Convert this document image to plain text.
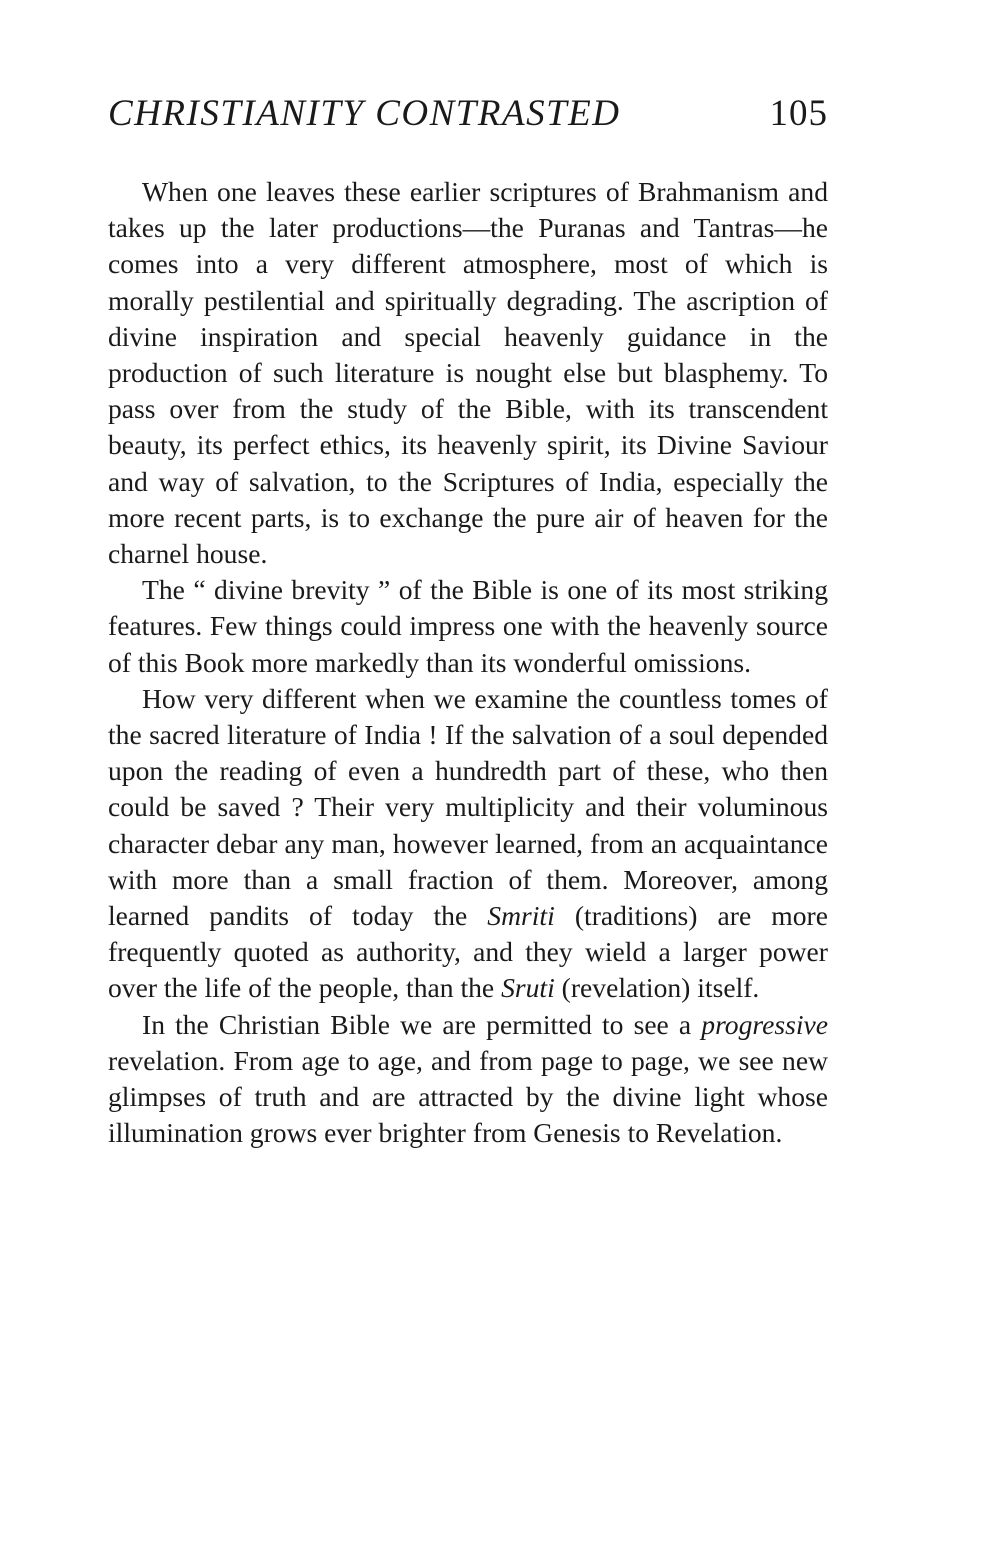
CHRISTIANITY CONTRASTED	105

When one leaves these earlier scriptures of Brahmanism and takes up the later productions—the Puranas and Tantras—he comes into a very different atmosphere, most of which is morally pestilential and spiritually degrading. The ascription of divine inspiration and special heavenly guidance in the production of such literature is nought else but blasphemy. To pass over from the study of the Bible, with its transcendent beauty, its perfect ethics, its heavenly spirit, its Divine Saviour and way of salvation, to the Scriptures of India, especially the more recent parts, is to exchange the pure air of heaven for the charnel house.

The “ divine brevity ” of the Bible is one of its most striking features. Few things could impress one with the heavenly source of this Book more markedly than its wonderful omissions.

How very different when we examine the countless tomes of the sacred literature of India ! If the salvation of a soul depended upon the reading of even a hundredth part of these, who then could be saved ? Their very multiplicity and their voluminous character debar any man, however learned, from an acquaintance with more than a small fraction of them. Moreover, among learned pandits of today the Smriti (traditions) are more frequently quoted as authority, and they wield a larger power over the life of the people, than the Sruti (revelation) itself.

In the Christian Bible we are permitted to see a progressive revelation. From age to age, and from page to page, we see new glimpses of truth and are attracted by the divine light whose illumination grows ever brighter from Genesis to Revelation.
